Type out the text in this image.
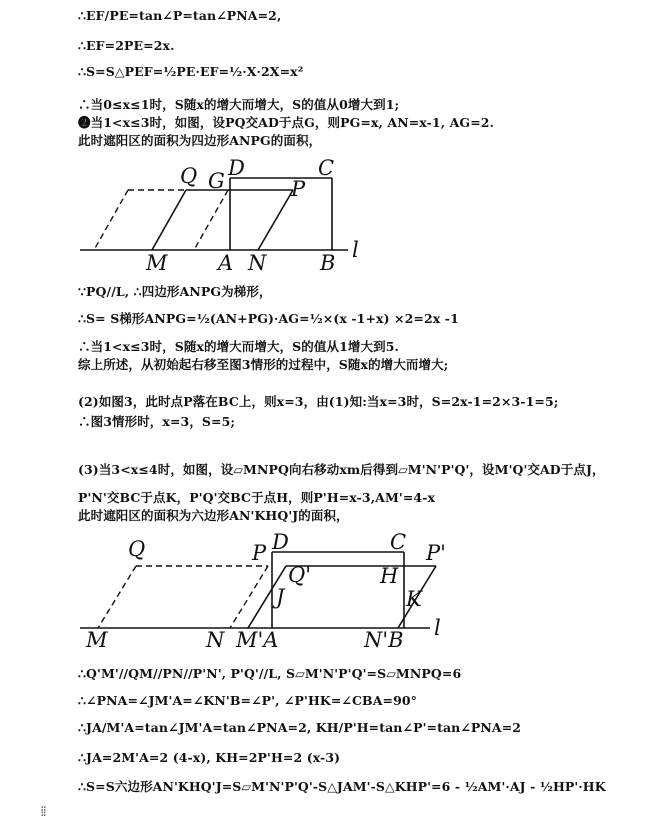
∴EF/PE=tan∠P=tan∠PNA=2,
∴EF=2PE=2x.
∴S=S△PEF=½PE·EF=½·X·2X=x²
∴当0≤x≤1时，S随x的增大而增大，S的值从0增大到1;
❷当1<x≤3时，如图，设PQ交AD于点G，则PG=x, AN=x-1, AG=2.
此时遮阳区的面积为四边形ANPG的面积，
∵PQ//L, ∴四边形ANPG为梯形，
∴S= S梯形ANPG=½(AN+PG)·AG=½×(x -1+x) ×2=2x -1
∴当1<x≤3时，S随x的增大而增大，S的值从1增大到5.
综上所述，从初始起右移至图3情形的过程中，S随x的增大而增大;
(2)如图3，此时点P落在BC上，则x=3，由(1)知:当x=3时，S=2x-1=2×3-1=5;
∴图3情形时，x=3，S=5;
(3)当3<x≤4时，如图，设▱MNPQ向右移动xm后得到▱M'N'P'Q'，设M'Q'交AD于点J，
P'N'交BC于点K，P'Q'交BC于点H，则P'H=x-3,AM'=4-x
此时遮阳区的面积为六边形AN'KHQ'J的面积，
∴Q'M'//QM//PN//P'N', P'Q'//L, S▱M'N'P'Q'=S▱MNPQ=6
∴∠PNA=∠JM'A=∠KN'B=∠P', ∠P'HK=∠CBA=90°
∴JA/M'A=tan∠JM'A=tan∠PNA=2, KH/P'H=tan∠P'=tan∠PNA=2
∴JA=2M'A=2 (4-x), KH=2P'H=2 (x-3)
∴S=S六边形AN'KHQ'J=S▱M'N'P'Q'-S△JAM'-S△KHP'=6 - ½AM'·AJ - ½HP'·HK
Q G
D	C
P
M A N	B
l
Q	P D	C P'
Q'	H
J	K
M	N M'A	N'B l
⁞⁞
